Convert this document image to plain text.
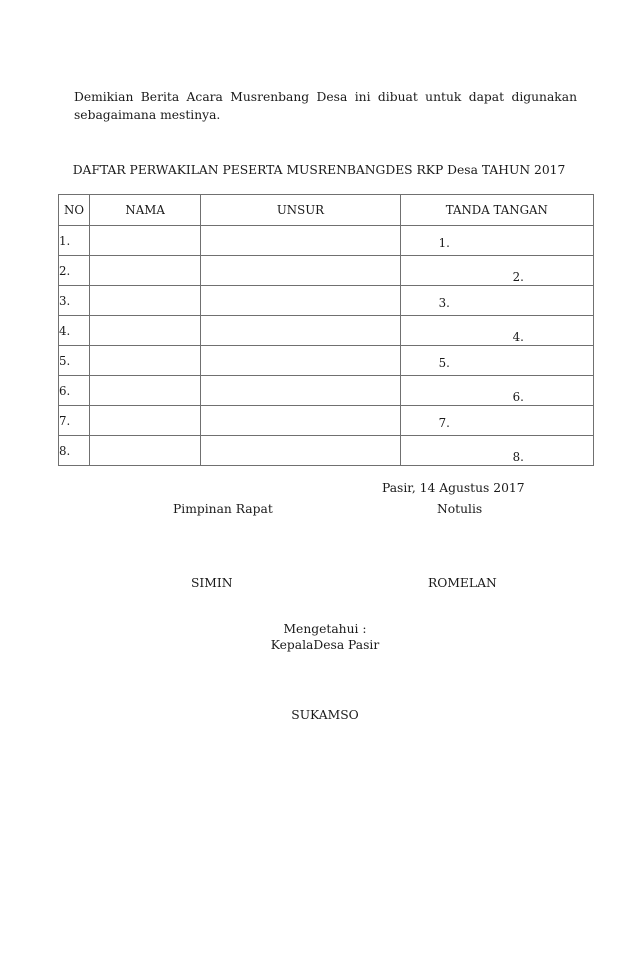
Demikian Berita Acara Musrenbang Desa ini dibuat untuk dapat digunakan sebagaimana mestinya.

DAFTAR PERWAKILAN PESERTA MUSRENBANGDES RKP Desa TAHUN 2017

NO	NAMA	UNSUR	TANDA TANGAN
1.			1.

2.			2.

3.			3.

4.			4.

5.			5.

6.			6.

7.			7.

8.			8.
Pasir, 14 Agustus 2017
Pimpinan Rapat	Notulis
SIMIN	ROMELAN
Mengetahui :
KepalaDesa Pasir
SUKAMSO
